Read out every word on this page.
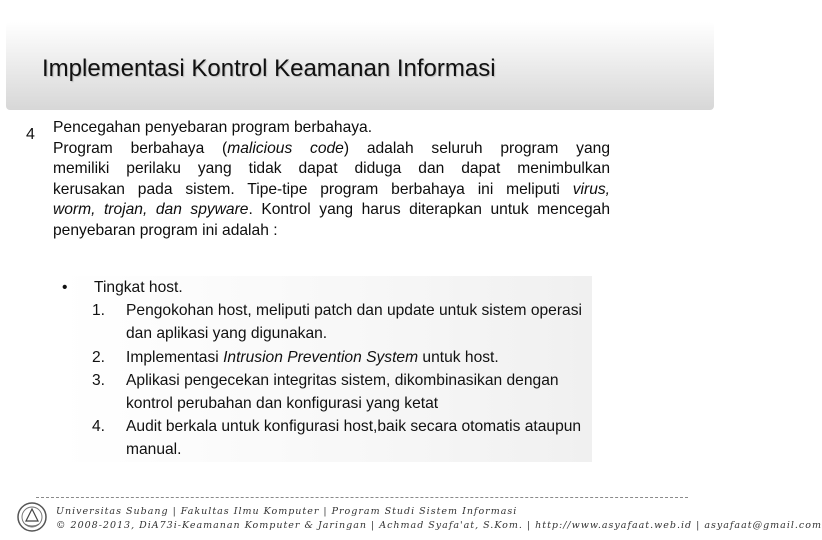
Implementasi Kontrol Keamanan Informasi
4 Pencegahan penyebaran program berbahaya.
Program berbahaya (malicious code) adalah seluruh program yang
memiliki perilaku yang tidak dapat diduga dan dapat menimbulkan
kerusakan pada sistem. Tipe-tipe program berbahaya ini meliputi virus,
worm, trojan, dan spyware. Kontrol yang harus diterapkan untuk mencegah
penyebaran program ini adalah :
• Tingkat host.
1. Pengokohan host, meliputi patch dan update untuk sistem operasi
dan aplikasi yang digunakan.
2. Implementasi Intrusion Prevention System untuk host.
3. Aplikasi pengecekan integritas sistem, dikombinasikan dengan
kontrol perubahan dan konfigurasi yang ketat
4. Audit berkala untuk konfigurasi host,baik secara otomatis ataupun
manual.
Universitas Subang | Fakultas Ilmu Komputer | Program Studi Sistem Informasi
© 2008-2013, DiA73i-Keamanan Komputer & Jaringan | Achmad Syafa'at, S.Kom. | http://www.asyafaat.web.id | asyafaat@gmail.com
